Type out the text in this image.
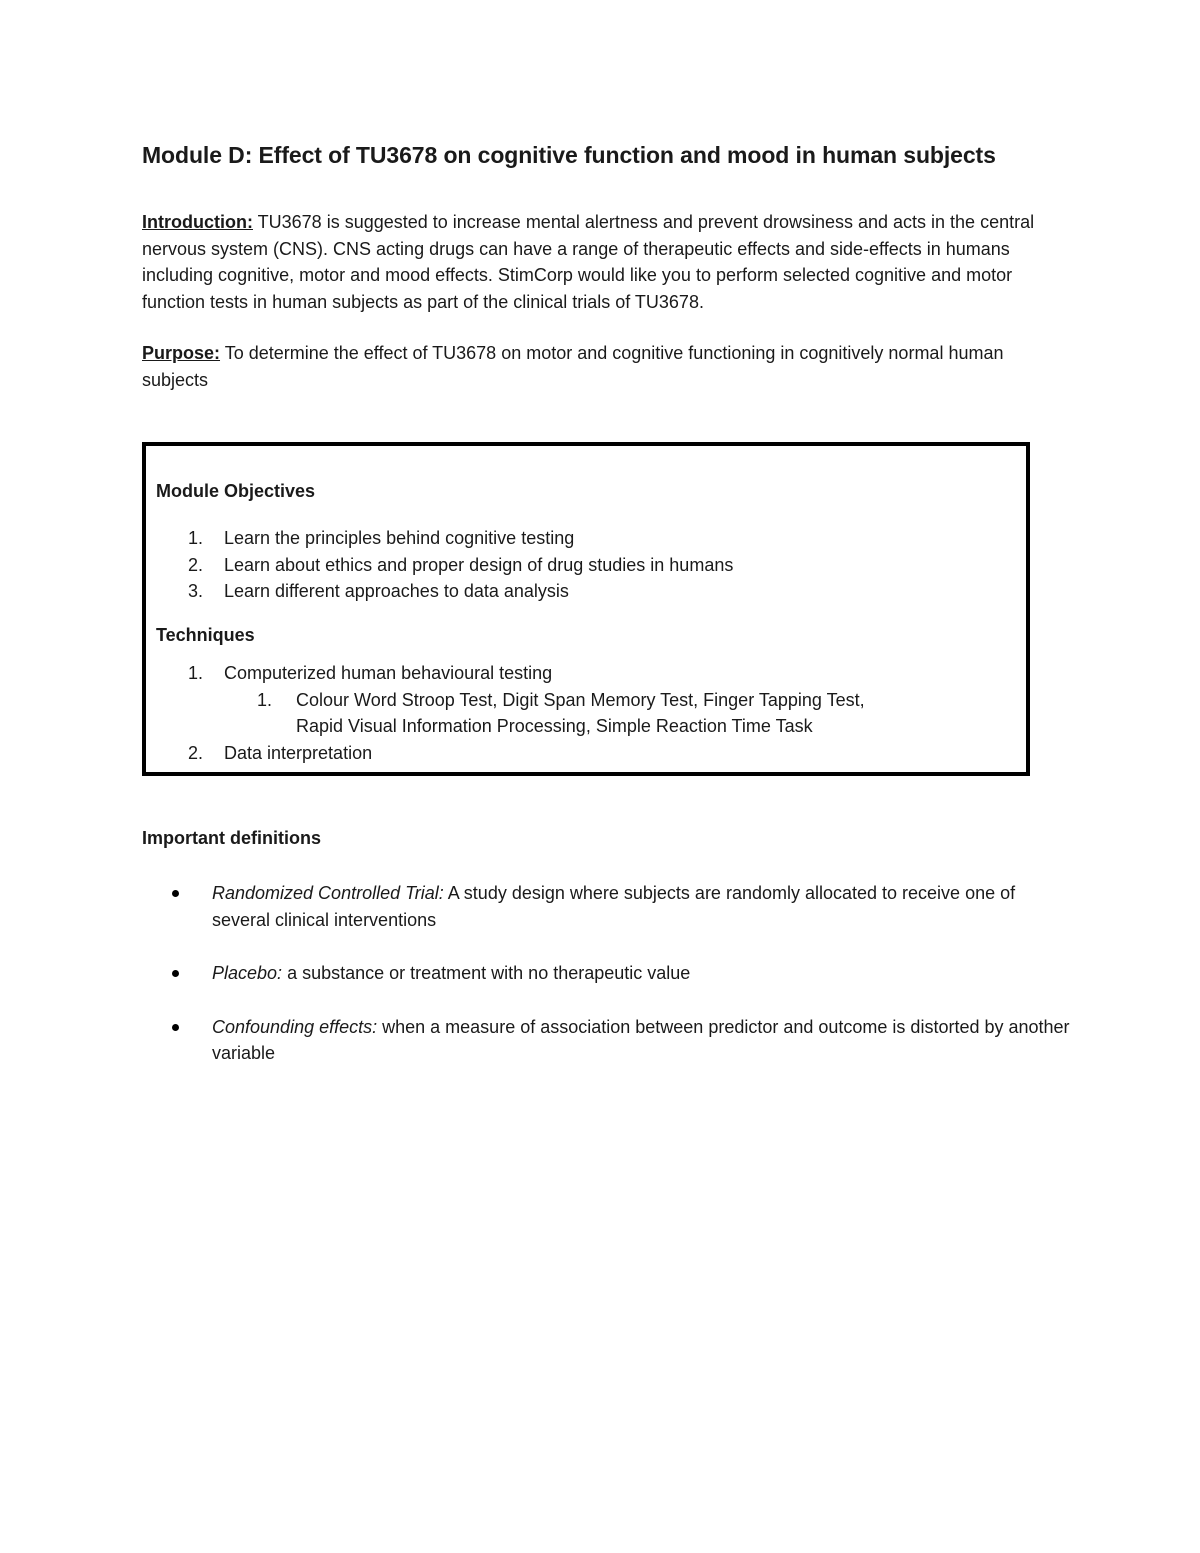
Module D: Effect of TU3678 on cognitive function and mood in human subjects

Introduction: TU3678 is suggested to increase mental alertness and prevent drowsiness and acts in the central nervous system (CNS). CNS acting drugs can have a range of therapeutic effects and side-effects in humans including cognitive, motor and mood effects. StimCorp would like you to perform selected cognitive and motor function tests in human subjects as part of the clinical trials of TU3678.

Purpose: To determine the effect of TU3678 on motor and cognitive functioning in cognitively normal human subjects

Module Objectives
1. Learn the principles behind cognitive testing
2. Learn about ethics and proper design of drug studies in humans
3. Learn different approaches to data analysis
Techniques
1. Computerized human behavioural testing
1. Colour Word Stroop Test, Digit Span Memory Test, Finger Tapping Test, Rapid Visual Information Processing, Simple Reaction Time Task
2. Data interpretation
Important definitions
Randomized Controlled Trial: A study design where subjects are randomly allocated to receive one of several clinical interventions
Placebo: a substance or treatment with no therapeutic value
Confounding effects: when a measure of association between predictor and outcome is distorted by another variable
